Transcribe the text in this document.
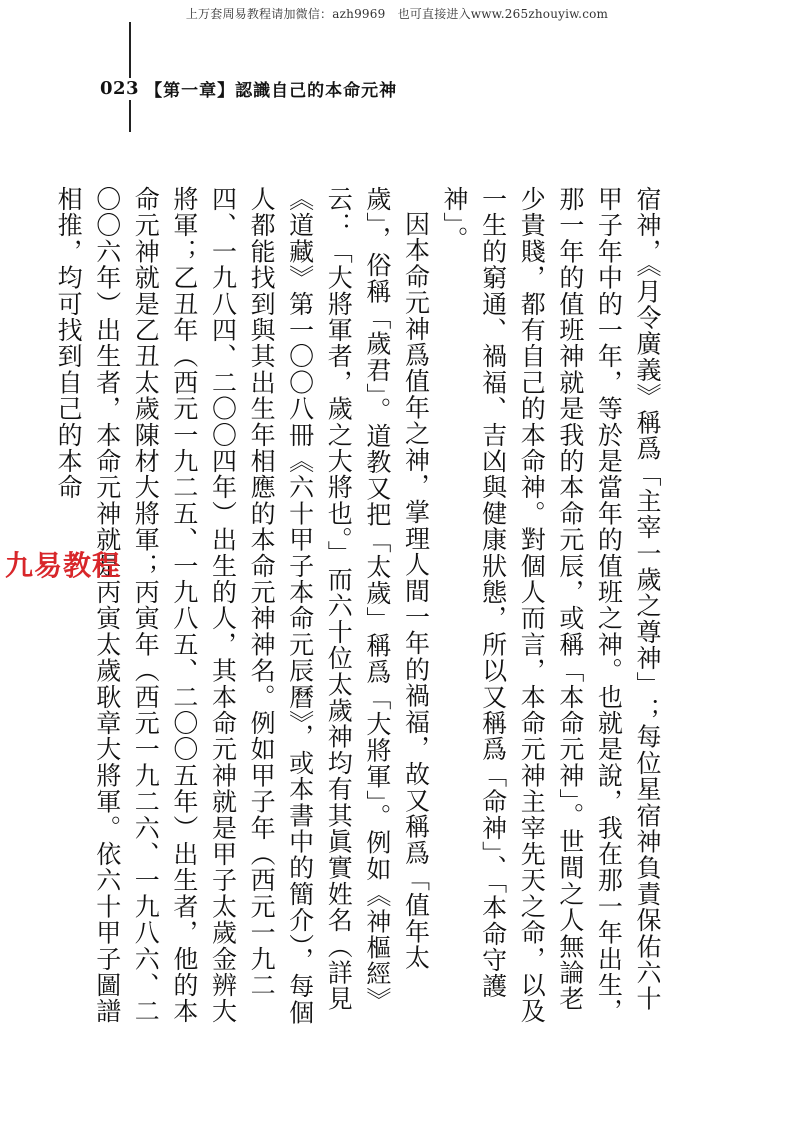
上万套周易教程请加微信：azh9969　也可直接进入www.265zhouyiw.com
023 【第一章】認識自己的本命元神

宿神，《月令廣義》稱爲「主宰一歲之尊神」；每位星宿神負責保佑六十甲子年中的一年，等於是當年的值班之神。也就是說，我在那一年出生，那一年的值班神就是我的本命元辰，或稱「本命元神」。世間之人無論老少貴賤，都有自己的本命神。對個人而言，本命元神主宰先天之命，以及一生的窮通、禍福、吉凶與健康狀態，所以又稱爲「命神」、「本命守護神」。

因本命元神爲值年之神，掌理人間一年的禍福，故又稱爲「值年太歲」，俗稱「歲君」。道教又把「太歲」稱爲「大將軍」。例如《神樞經》云：「大將軍者，歲之大將也。」而六十位太歲神均有其眞實姓名（詳見《道藏》第一〇〇八冊《六十甲子本命元辰曆》，或本書中的簡介），每個人都能找到與其出生年相應的本命元神神名。例如甲子年（西元一九二四、一九八四、二〇〇四年）出生的人，其本命元神就是甲子太歲金辨大將軍；乙丑年（西元一九二五、一九八五、二〇〇五年）出生者，他的本命元神就是乙丑太歲陳材大將軍；丙寅年（西元一九二六、一九八六、二〇〇六年）出生者，本命元神就是丙寅太歲耿章大將軍。依六十甲子圖譜相推，均可找到自己的本命

九易教程
